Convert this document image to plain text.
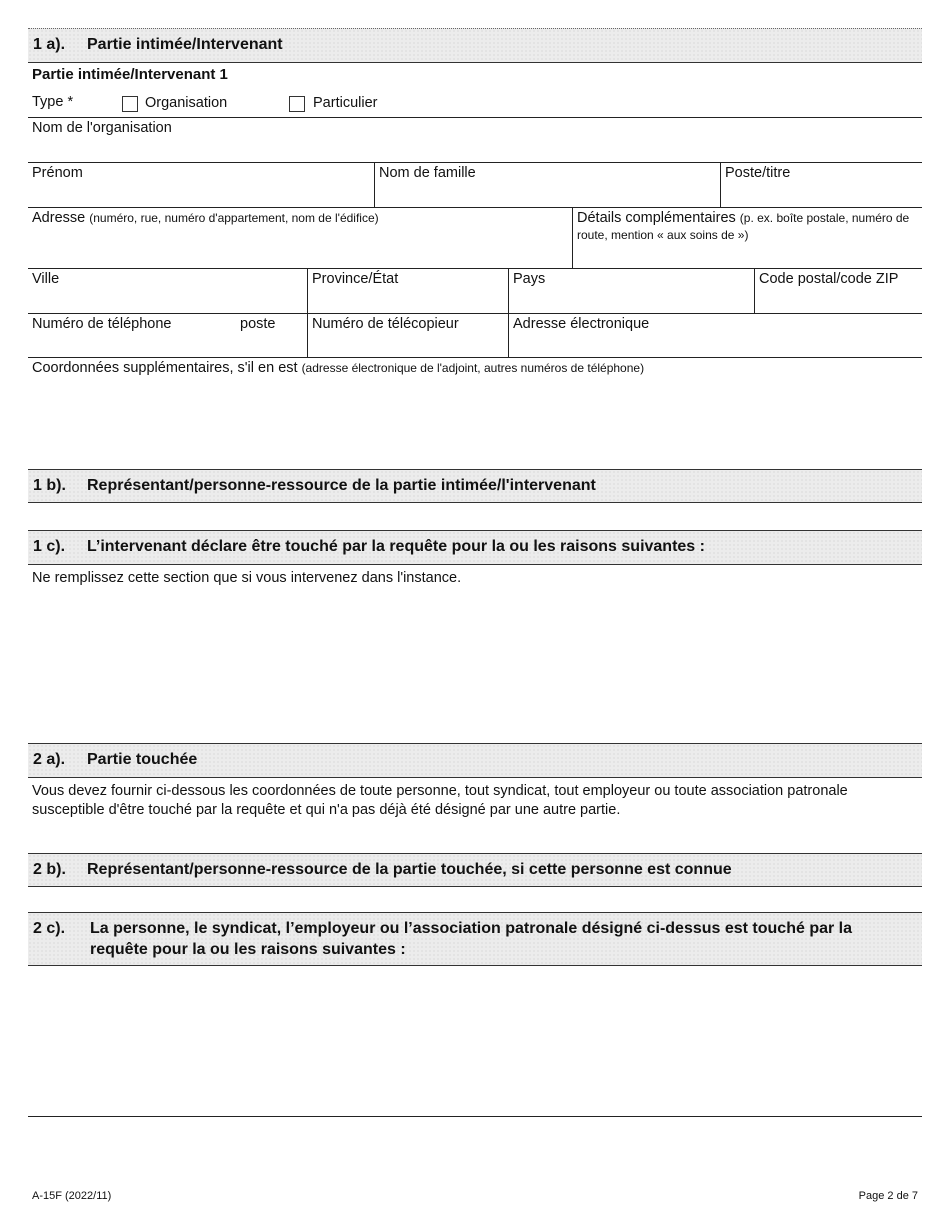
1 a). Partie intimée/Intervenant
Partie intimée/Intervenant 1
Type *	Organisation	Particulier
Nom de l'organisation
Prénom	Nom de famille	Poste/titre
Adresse (numéro, rue, numéro d'appartement, nom de l'édifice)	Détails complémentaires (p. ex. boîte postale, numéro de route, mention « aux soins de »)
Ville	Province/État	Pays	Code postal/code ZIP
Numéro de téléphone	poste	Numéro de télécopieur	Adresse électronique
Coordonnées supplémentaires, s'il en est (adresse électronique de l'adjoint, autres numéros de téléphone)
1 b). Représentant/personne-ressource de la partie intimée/l'intervenant
1 c). L’intervenant déclare être touché par la requête pour la ou les raisons suivantes :
Ne remplissez cette section que si vous intervenez dans l'instance.
2 a). Partie touchée
Vous devez fournir ci-dessous les coordonnées de toute personne, tout syndicat, tout employeur ou toute association patronale susceptible d'être touché par la requête et qui n'a pas déjà été désigné par une autre partie.
2 b). Représentant/personne-ressource de la partie touchée, si cette personne est connue
2 c). La personne, le syndicat, l’employeur ou l’association patronale désigné ci-dessus est touché par la
requête pour la ou les raisons suivantes :
A-15F (2022/11)	Page 2 de 7
